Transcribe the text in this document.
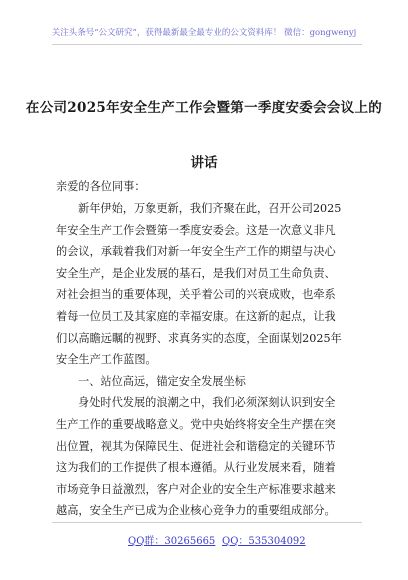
关注头条号“公文研究”，获得最新最全最专业的公文资料库！ 微信：gongwenyj
在公司2025年安全生产工作会暨第一季度安委会会议上的
讲话
亲爱的各位同事：
新年伊始，万象更新，我们齐聚在此，召开公司2025
年安全生产工作会暨第一季度安委会。这是一次意义非凡
的会议，承载着我们对新一年安全生产工作的期望与决心
安全生产，是企业发展的基石，是我们对员工生命负责、
对社会担当的重要体现，关乎着公司的兴衰成败，也牵系
着每一位员工及其家庭的幸福安康。在这新的起点，让我
们以高瞻远瞩的视野、求真务实的态度，全面谋划2025年
安全生产工作蓝图。
一、站位高远，锚定安全发展坐标
身处时代发展的浪潮之中，我们必须深刻认识到安全
生产工作的重要战略意义。党中央始终将安全生产摆在突
出位置，视其为保障民生、促进社会和谐稳定的关键环节
这为我们的工作提供了根本遵循。从行业发展来看，随着
市场竞争日益激烈，客户对企业的安全生产标准要求越来
越高，安全生产已成为企业核心竞争力的重要组成部分。
QQ群：30265665 QQ：535304092
